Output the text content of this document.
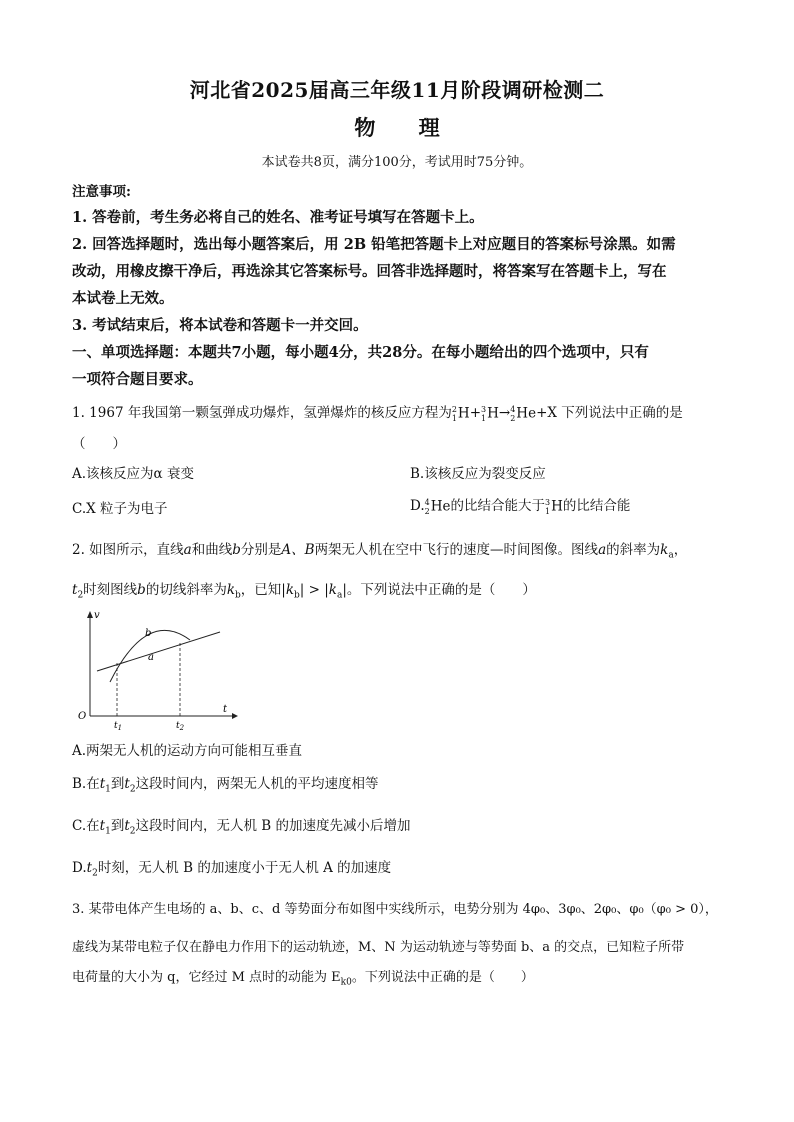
河北省2025届高三年级11月阶段调研检测二
物 理
本试卷共8页，满分100分，考试用时75分钟。
注意事项:
1. 答卷前，考生务必将自己的姓名、准考证号填写在答题卡上。
2. 回答选择题时，选出每小题答案后，用 2B 铅笔把答题卡上对应题目的答案标号涂黑。如需
改动，用橡皮擦干净后，再选涂其它答案标号。回答非选择题时，将答案写在答题卡上，写在
本试卷上无效。
3. 考试结束后，将本试卷和答题卡一并交回。
一、单项选择题：本题共7小题，每小题4分，共28分。在每小题给出的四个选项中，只有
一项符合题目要求。
1. 1967 年我国第一颗氢弹成功爆炸，氢弹爆炸的核反应方程为 2
1 H+ 3
1 H→ 4
2 He+X 下列说法中正确的是
（　　）
A.该核反应为α 衰变	B.该核反应为裂变反应
C.X 粒子为电子	D. 4
2 He的比结合能大于 3
1 H的比结合能
2. 如图所示，直线a和曲线b分别是A、B两架无人机在空中飞行的速度—时间图像。图线a的斜率为$k_a$，
$t_2$时刻图线b的切线斜率为$k_b$，已知$|k_b| > |k_a|$。下列说法中正确的是（　　）
v
t
O
b
a
$t_1$	$t_2$
A.两架无人机的运动方向可能相互垂直
B.在$t_1$到$t_2$这段时间内，两架无人机的平均速度相等
C.在$t_1$到$t_2$这段时间内，无人机 B 的加速度先减小后增加
$D.t_2$时刻，无人机 B 的加速度小于无人机 A 的加速度
3. 某带电体产生电场的 a、b、c、d 等势面分布如图中实线所示，电势分别为 4φ₀、3φ₀、2φ₀、φ₀（φ₀ > 0），
虚线为某带电粒子仅在静电力作用下的运动轨迹，M、N 为运动轨迹与等势面 b、a 的交点，已知粒子所带
电荷量的大小为 q，它经过 M 点时的动能为 $E_{k0}$。下列说法中正确的是（　　）
